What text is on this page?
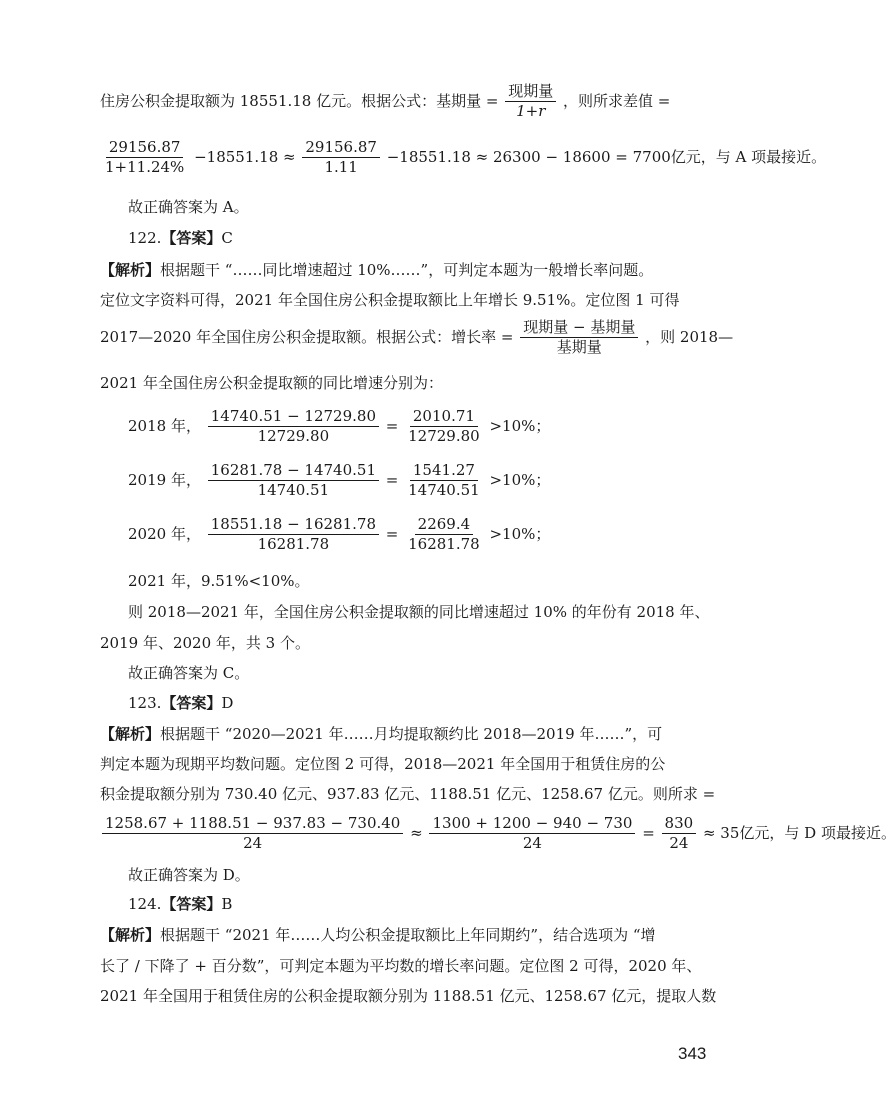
住房公积金提取额为 18551.18 亿元。根据公式：基期量 = $\frac{\text{现期量}}{1+r}$ ，则所求差值 =
$\frac{29156.87}{1+11.24\%} -18551.18 \approx \frac{29156.87}{1.11} -18551.18 \approx 26300 - 18600 = 7700$亿元，与 A 项最接近。
故正确答案为 A。
122.【答案】C
【解析】根据题干 “……同比增速超过 10%……”，可判定本题为一般增长率问题。
定位文字资料可得，2021 年全国住房公积金提取额比上年增长 9.51%。定位图 1 可得
2017—2020 年全国住房公积金提取额。根据公式：增长率 = $\frac{\text{现期量 − 基期量}}{\text{基期量}}$ ，则 2018—
2021 年全国住房公积金提取额的同比增速分别为：
2018 年， $\frac{14740.51 - 12729.80}{12729.80} = \frac{2010.71}{12729.80} >10\%$；
2019 年， $\frac{16281.78 - 14740.51}{14740.51} = \frac{1541.27}{14740.51} >10\%$；
2020 年， $\frac{18551.18 - 16281.78}{16281.78} = \frac{2269.4}{16281.78} >10\%$；
2021 年，9.51%<10%。
则 2018—2021 年，全国住房公积金提取额的同比增速超过 10% 的年份有 2018 年、
2019 年、2020 年，共 3 个。
故正确答案为 C。
123.【答案】D
【解析】根据题干 “2020—2021 年……月均提取额约比 2018—2019 年……”，可
判定本题为现期平均数问题。定位图 2 可得，2018—2021 年全国用于租赁住房的公
积金提取额分别为 730.40 亿元、937.83 亿元、1188.51 亿元、1258.67 亿元。则所求 =
$\frac{1258.67 + 1188.51 - 937.83 - 730.40}{24} \approx \frac{1300 + 1200 - 940 - 730}{24} = \frac{830}{24} \approx 35$亿元，与 D 项最接近。
故正确答案为 D。
124.【答案】B
【解析】根据题干 “2021 年……人均公积金提取额比上年同期约”，结合选项为 “增
长了 / 下降了 + 百分数”，可判定本题为平均数的增长率问题。定位图 2 可得，2020 年、
2021 年全国用于租赁住房的公积金提取额分别为 1188.51 亿元、1258.67 亿元，提取人数
343
